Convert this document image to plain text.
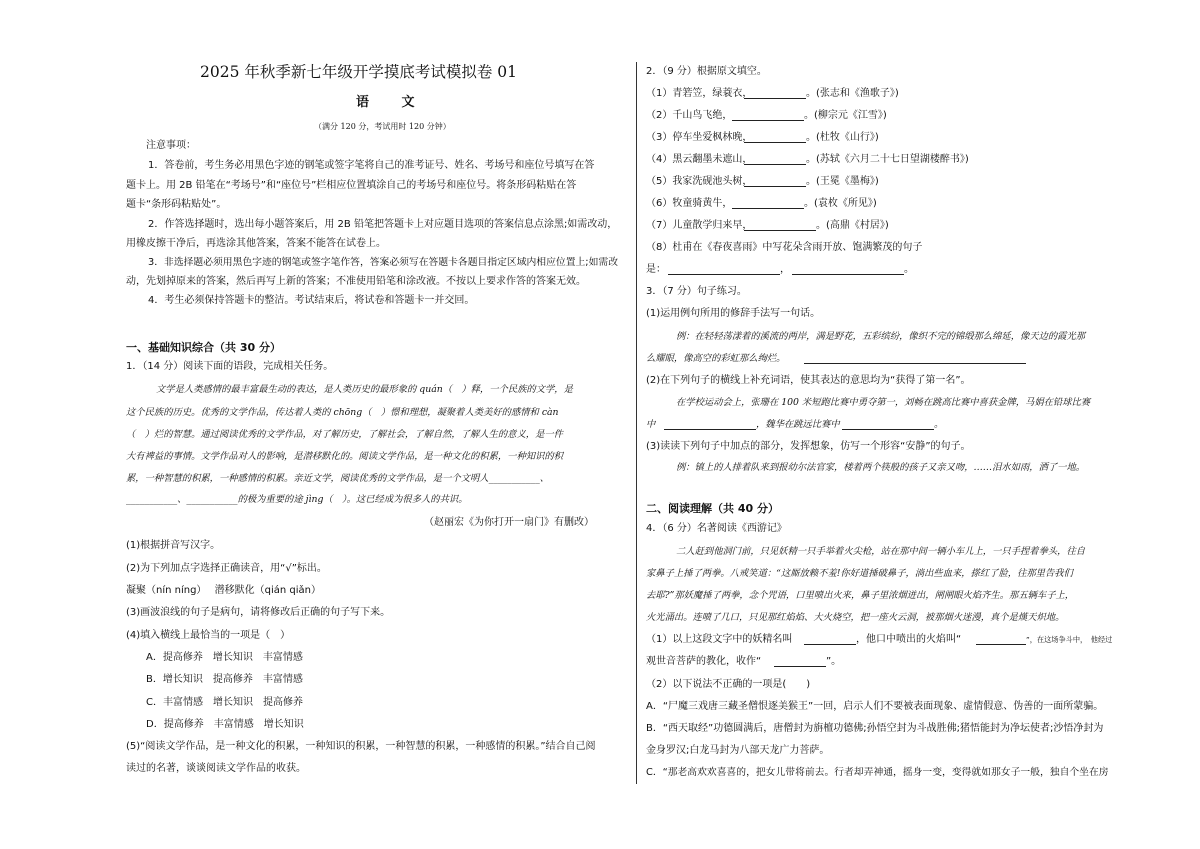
2025 年秋季新七年级开学摸底考试模拟卷 01
语 文
（满分 120 分，考试用时 120 分钟）
注意事项：
1．答卷前，考生务必用黑色字迹的钢笔或签字笔将自己的准考证号、姓名、考场号和座位号填写在答
题卡上。用 2B 铅笔在“考场号”和“座位号”栏相应位置填涂自己的考场号和座位号。将条形码粘贴在答
题卡“条形码粘贴处”。
2．作答选择题时，选出每小题答案后，用 2B 铅笔把答题卡上对应题目选项的答案信息点涂黑;如需改动，
用橡皮擦干净后，再选涂其他答案，答案不能答在试卷上。
3．非选择题必须用黑色字迹的钢笔或签字笔作答，答案必须写在答题卡各题目指定区域内相应位置上;如需改
动，先划掉原来的答案，然后再写上新的答案；不准使用铅笔和涂改液。不按以上要求作答的答案无效。
4．考生必须保持答题卡的整洁。考试结束后，将试卷和答题卡一并交回。
一、基础知识综合（共 30 分）
1．（14 分）阅读下面的语段，完成相关任务。
文学是人类感情的最丰富最生动的表达，是人类历史的最形象的 quán（　）释，一个民族的文学，是
这个民族的历史。优秀的文学作品，传达着人类的 chōng（　）憬和理想，凝聚着人类美好的感情和 càn
（　）烂的智慧。通过阅读优秀的文学作品，对了解历史，了解社会，了解自然，了解人生的意义，是一件
大有裨益的事情。文学作品对人的影响，是潜移默化的。阅读文学作品，是一种文化的积累，一种知识的积
累，一种智慧的积累，一种感情的积累。亲近文学，阅读优秀的文学作品，是一个文明人___________、
___________、___________的极为重要的途 jìng（　）。这已经成为很多人的共识。
（赵丽宏《为你打开一扇门》有删改）
(1)根据拼音写汉字。
(2)为下列加点字选择正确读音，用“√”标出。
凝聚（nín níng）　 潜移默化（qián qiǎn）
(3)画波浪线的句子是病句，请将修改后正确的句子写下来。
(4)填入横线上最恰当的一项是（　）
A．提高修养　增长知识　丰富情感
B．增长知识　提高修养　丰富情感
C．丰富情感　增长知识　提高修养
D．提高修养　丰富情感　增长知识
(5)“阅读文学作品，是一种文化的积累，一种知识的积累，一种智慧的积累，一种感情的积累。”结合自己阅
读过的名著，谈谈阅读文学作品的收获。
2．（9 分）根据原文填空。
（1）青箬笠，绿蓑衣，	。(张志和《渔歌子》)
（2）千山鸟飞绝，	。(柳宗元《江雪》)
（3）停车坐爱枫林晚，	。(杜牧《山行》)
（4）黑云翻墨未遮山，	。(苏轼《六月二十七日望湖楼醉书》)
（5）我家洗砚池头树，	。(王冕《墨梅》)
（6）牧童骑黄牛，	。(袁枚《所见》)
（7）儿童散学归来早，	。(高鼎《村居》)
（8）杜甫在《春夜喜雨》中写花朵含雨开放、饱满繁茂的句子
是：	，	。
3．（7 分）句子练习。
(1)运用例句所用的修辞手法写一句话。
例：在轻轻荡漾着的溪流的两岸，满是野花，五彩缤纷，像织不完的锦缎那么绵延，像天边的霞光那
么耀眼，像高空的彩虹那么绚烂。
(2)在下列句子的横线上补充词语，使其表达的意思均为“获得了第一名”。
在学校运动会上，张珊在 100 米短跑比赛中勇夺第一，刘畅在跳高比赛中喜获金牌，马娟在铅球比赛
中	，魏华在跳远比赛中	。
(3)读读下列句子中加点的部分，发挥想象，仿写一个形容“安静”的句子。
例：镇上的人排着队来到报幼尔法官家，楼着两个筷般的孩子又亲又吻，……泪水如雨，洒了一地。
二、阅读理解（共 40 分）
4．（6 分）名著阅读《西游记》
二人赶到他洞门前，只见妖精一只手举着火尖枪，站在那中间一辆小车儿上，一只手捏着拳头，往自
家鼻子上捶了两拳。八戒笑道：“这厮放赖不羞!你好道捶破鼻子，淌出些血来，搽红了脸，往那里告我们
去耶?”那妖魔捶了两拳，念个咒语，口里喷出火来，鼻子里浓烟迸出，闸闸眼火焰齐生。那五辆车子上，
火光涌出。连喷了几口，只见那红焰焰、大火烧空，把一座火云洞，被那烟火迷漫，真个是熯天炽地。
（1）以上这段文字中的妖精名叫	，他口中喷出的火焰叫“	”，在这场争斗中，　他经过
观世音菩萨的教化，收作“	”。
（2）以下说法不正确的一项是(　　)
A．“尸魔三戏唐三藏圣僧恨逐美猴王”一回，启示人们不要被表面现象、虚情假意、伪善的一面所蒙骗。
B．“西天取经”功德圆满后，唐僧封为旃檀功德佛;孙悟空封为斗战胜佛;猪悟能封为净坛使者;沙悟净封为
金身罗汉;白龙马封为八部天龙广力菩萨。
C．“那老高欢欢喜喜的，把女儿带将前去。行者却弄神通，摇身一变，变得就如那女子一般，独自个坐在房
